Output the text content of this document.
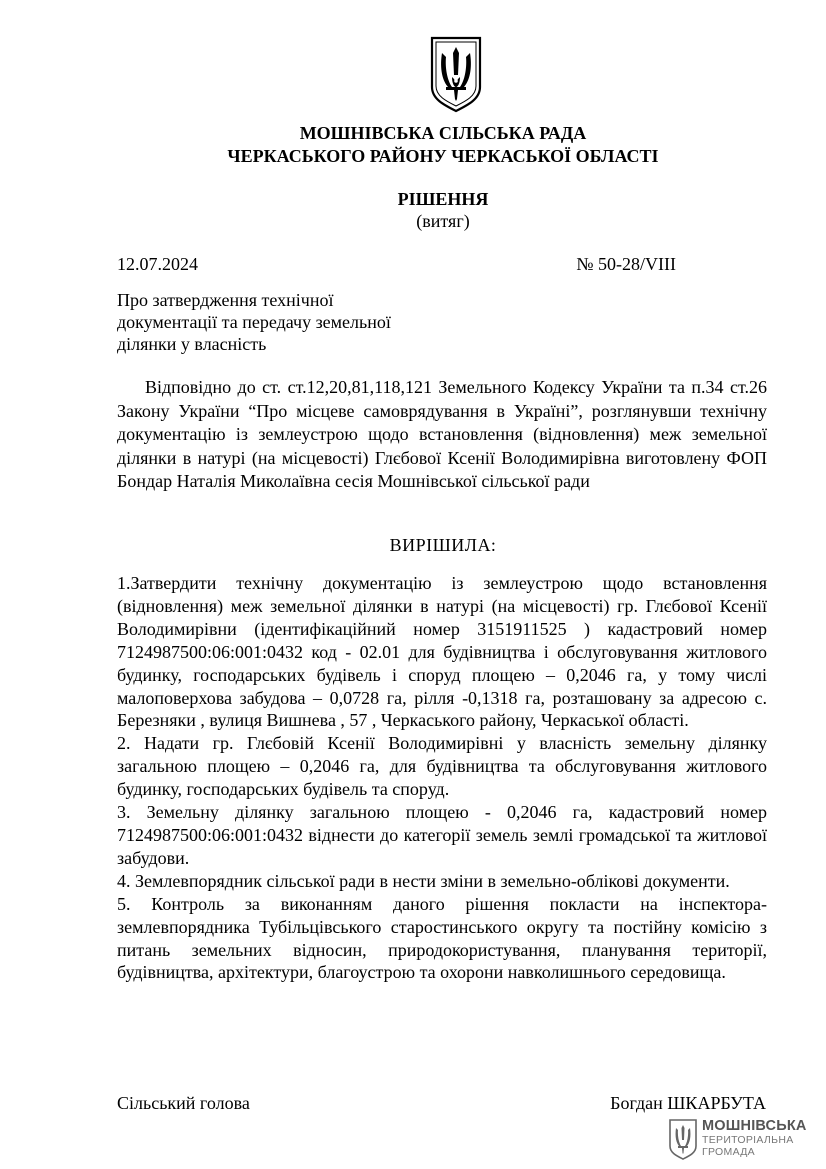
МОШНІВСЬКА СІЛЬСЬКА РАДА
ЧЕРКАСЬКОГО РАЙОНУ ЧЕРКАСЬКОЇ ОБЛАСТІ
РІШЕННЯ
(витяг)
12.07.2024	№ 50-28/VIII
Про затвердження технічної
документації та передачу земельної
ділянки у власність
Відповідно до ст. ст.12,20,81,118,121 Земельного Кодексу України та п.34 ст.26 Закону України “Про місцеве самоврядування в Україні”, розглянувши технічну документацію із землеустрою щодо встановлення (відновлення) меж земельної ділянки в натурі (на місцевості) Глєбової Ксенії Володимирівна виготовлену ФОП Бондар Наталія Миколаївна сесія Мошнівської сільської ради
ВИРІШИЛА:

1.Затвердити технічну документацію із землеустрою щодо встановлення (відновлення) меж земельної ділянки в натурі (на місцевості) гр. Глєбової Ксенії Володимирівни (ідентифікаційний номер 3151911525 ) кадастровий номер 7124987500:06:001:0432 код - 02.01 для будівництва і обслуговування житлового будинку, господарських будівель і споруд площею – 0,2046 га, у тому числі малоповерхова забудова – 0,0728 га, рілля -0,1318 га, розташовану за адресою с. Березняки , вулиця Вишнева , 57 , Черкаського району, Черкаської області.

2. Надати гр. Глєбовій Ксенії Володимирівні у власність земельну ділянку загальною площею – 0,2046 га, для будівництва та обслуговування житлового будинку, господарських будівель та споруд.

3. Земельну ділянку загальною площею - 0,2046 га, кадастровий номер 7124987500:06:001:0432 віднести до категорії земель землі громадської та житлової забудови.

4. Землевпорядник сільської ради в нести зміни в земельно-облікові документи.

5. Контроль за виконанням даного рішення покласти на інспектора-землевпорядника Тубільцівського старостинського округу та постійну комісію з питань земельних відносин, природокористування, планування території, будівництва, архітектури, благоустрою та охорони навколишнього середовища.

Сільський голова	Богдан ШКАРБУТА
МОШНІВСЬКА
ТЕРИТОРІАЛЬНА
ГРОМАДА
